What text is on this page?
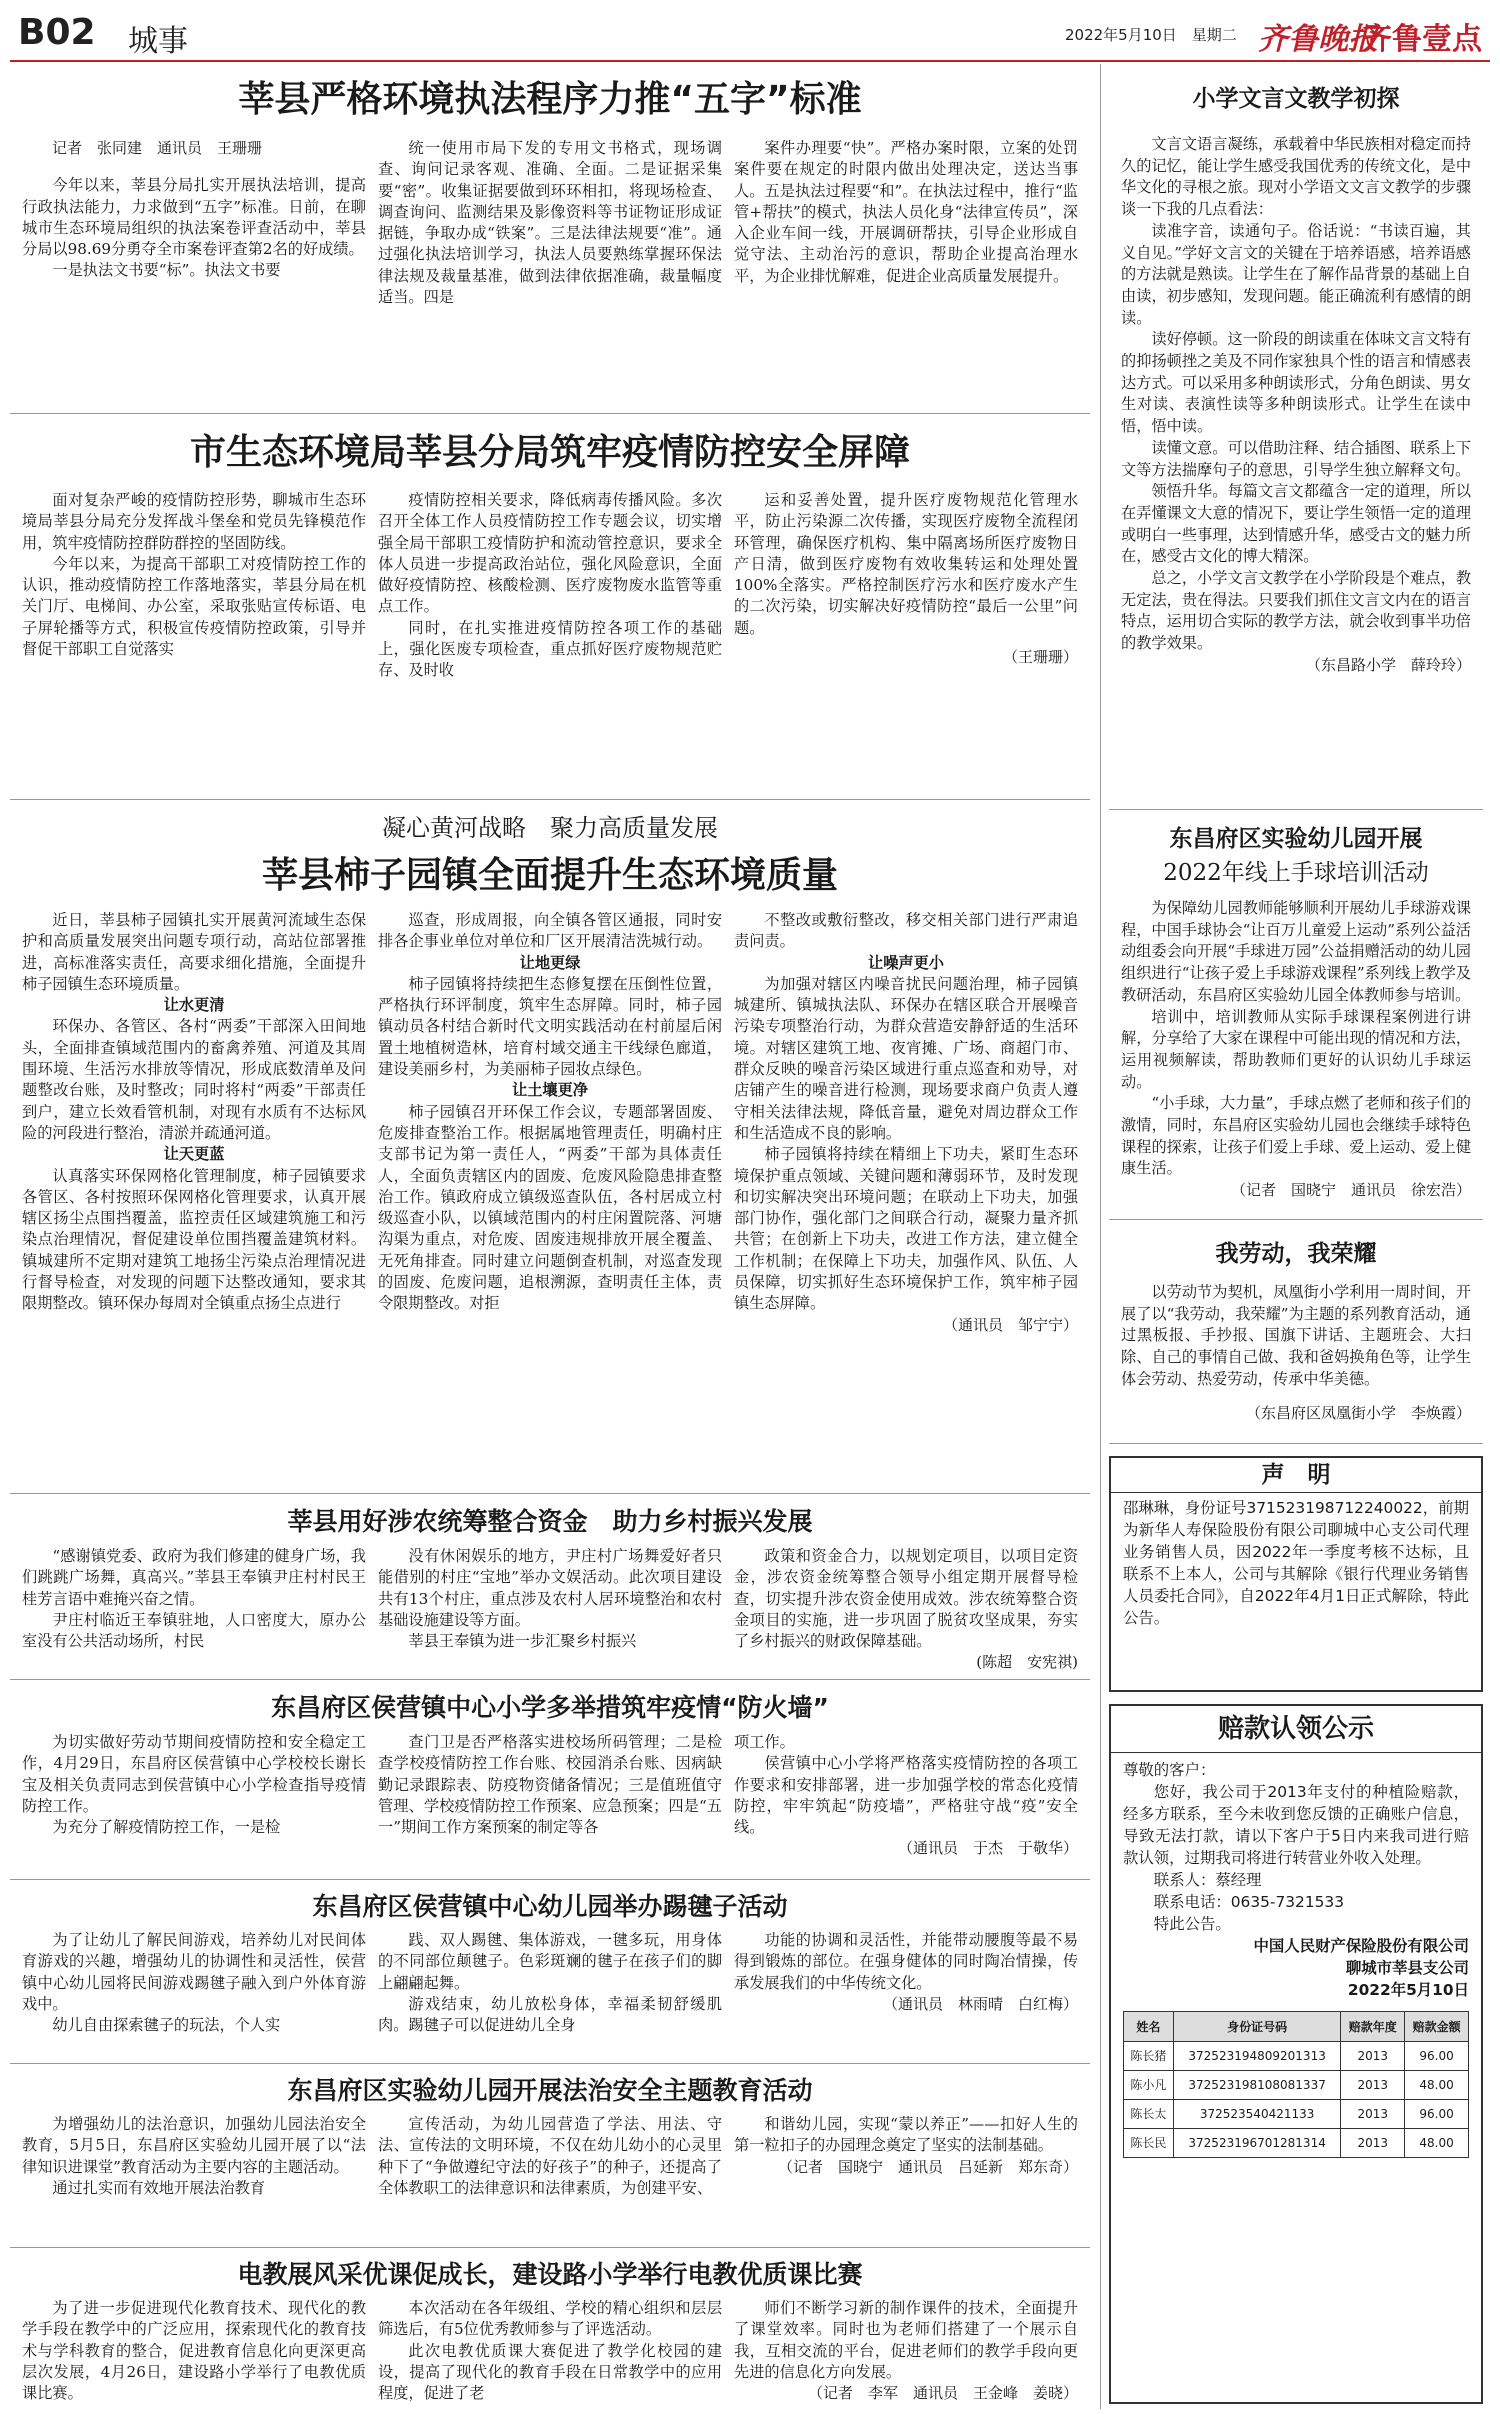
B02 城事	2022年5月10日　星期二 齐鲁晚报
齐鲁壹点
莘县严格环境执法程序力推“五字”标准

记者　张同建　通讯员　王珊珊

今年以来，莘县分局扎实开展执法培训，提高行政执法能力，力求做到“五字”标准。日前，在聊城市生态环境局组织的执法案卷评查活动中，莘县分局以98.69分勇夺全市案卷评查第2名的好成绩。

一是执法文书要“标”。执法文书要

统一使用市局下发的专用文书格式，现场调查、询问记录客观、准确、全面。二是证据采集要“密”。收集证据要做到环环相扣，将现场检查、调查询问、监测结果及影像资料等书证物证形成证据链，争取办成“铁案”。三是法律法规要“准”。通过强化执法培训学习，执法人员要熟练掌握环保法律法规及裁量基准，做到法律依据准确，裁量幅度适当。四是

案件办理要“快”。严格办案时限，立案的处罚案件要在规定的时限内做出处理决定，送达当事人。五是执法过程要“和”。在执法过程中，推行“监管+帮扶”的模式，执法人员化身“法律宣传员”，深入企业车间一线，开展调研帮扶，引导企业形成自觉守法、主动治污的意识，帮助企业提高治理水平，为企业排忧解难，促进企业高质量发展提升。

市生态环境局莘县分局筑牢疫情防控安全屏障

面对复杂严峻的疫情防控形势，聊城市生态环境局莘县分局充分发挥战斗堡垒和党员先锋模范作用，筑牢疫情防控群防群控的坚固防线。

今年以来，为提高干部职工对疫情防控工作的认识，推动疫情防控工作落地落实，莘县分局在机关门厅、电梯间、办公室，采取张贴宣传标语、电子屏轮播等方式，积极宣传疫情防控政策，引导并督促干部职工自觉落实

疫情防控相关要求，降低病毒传播风险。多次召开全体工作人员疫情防控工作专题会议，切实增强全局干部职工疫情防护和流动管控意识，要求全体人员进一步提高政治站位，强化风险意识，全面做好疫情防控、核酸检测、医疗废物废水监管等重点工作。

同时，在扎实推进疫情防控各项工作的基础上，强化医废专项检查，重点抓好医疗废物规范贮存、及时收

运和妥善处置，提升医疗废物规范化管理水平，防止污染源二次传播，实现医疗废物全流程闭环管理，确保医疗机构、集中隔离场所医疗废物日产日清，做到医疗废物有效收集转运和处理处置100%全落实。严格控制医疗污水和医疗废水产生的二次污染，切实解决好疫情防控“最后一公里”问题。

（王珊珊）

凝心黄河战略　聚力高质量发展
莘县柿子园镇全面提升生态环境质量

近日，莘县柿子园镇扎实开展黄河流域生态保护和高质量发展突出问题专项行动，高站位部署推进，高标准落实责任，高要求细化措施，全面提升柿子园镇生态环境质量。

让水更清

环保办、各管区、各村“两委”干部深入田间地头，全面排查镇域范围内的畜禽养殖、河道及其周围环境、生活污水排放等情况，形成底数清单及问题整改台账，及时整改；同时将村“两委”干部责任到户，建立长效看管机制，对现有水质有不达标风险的河段进行整治，清淤并疏通河道。

让天更蓝

认真落实环保网格化管理制度，柿子园镇要求各管区、各村按照环保网格化管理要求，认真开展辖区扬尘点围挡覆盖，监控责任区域建筑施工和污染点治理情况，督促建设单位围挡覆盖建筑材料。镇城建所不定期对建筑工地扬尘污染点治理情况进行督导检查，对发现的问题下达整改通知，要求其限期整改。镇环保办每周对全镇重点扬尘点进行

巡查，形成周报，向全镇各管区通报，同时安排各企事业单位对单位和厂区开展清洁洗城行动。

让地更绿

柿子园镇将持续把生态修复摆在压倒性位置，严格执行环评制度，筑牢生态屏障。同时，柿子园镇动员各村结合新时代文明实践活动在村前屋后闲置土地植树造林，培育村域交通主干线绿色廊道，建设美丽乡村，为美丽柿子园妆点绿色。

让土壤更净

柿子园镇召开环保工作会议，专题部署固废、危废排查整治工作。根据属地管理责任，明确村庄支部书记为第一责任人，“两委”干部为具体责任人，全面负责辖区内的固废、危废风险隐患排查整治工作。镇政府成立镇级巡查队伍，各村居成立村级巡查小队，以镇域范围内的村庄闲置院落、河塘沟渠为重点，对危废、固废违规排放开展全覆盖、无死角排查。同时建立问题倒查机制，对巡查发现的固废、危废问题，追根溯源，查明责任主体，责令限期整改。对拒

不整改或敷衍整改，移交相关部门进行严肃追责问责。

让噪声更小

为加强对辖区内噪音扰民问题治理，柿子园镇城建所、镇城执法队、环保办在辖区联合开展噪音污染专项整治行动，为群众营造安静舒适的生活环境。对辖区建筑工地、夜宵摊、广场、商超门市、群众反映的噪音污染区域进行重点巡查和劝导，对店铺产生的噪音进行检测，现场要求商户负责人遵守相关法律法规，降低音量，避免对周边群众工作和生活造成不良的影响。

柿子园镇将持续在精细上下功夫，紧盯生态环境保护重点领域、关键问题和薄弱环节，及时发现和切实解决突出环境问题；在联动上下功夫，加强部门协作，强化部门之间联合行动，凝聚力量齐抓共管；在创新上下功夫，改进工作方法，建立健全工作机制；在保障上下功夫，加强作风、队伍、人员保障，切实抓好生态环境保护工作，筑牢柿子园镇生态屏障。

（通讯员　邹宁宁）

莘县用好涉农统筹整合资金　助力乡村振兴发展

“感谢镇党委、政府为我们修建的健身广场，我们跳跳广场舞，真高兴。”莘县王奉镇尹庄村村民王桂芳言语中难掩兴奋之情。

尹庄村临近王奉镇驻地，人口密度大，原办公室没有公共活动场所，村民

没有休闲娱乐的地方，尹庄村广场舞爱好者只能借别的村庄“宝地”举办文娱活动。此次项目建设共有13个村庄，重点涉及农村人居环境整治和农村基础设施建设等方面。

莘县王奉镇为进一步汇聚乡村振兴

政策和资金合力，以规划定项目，以项目定资金，涉农资金统筹整合领导小组定期开展督导检查，切实提升涉农资金使用成效。涉农统筹整合资金项目的实施，进一步巩固了脱贫攻坚成果，夯实了乡村振兴的财政保障基础。

(陈超　安宪祺)

东昌府区侯营镇中心小学多举措筑牢疫情“防火墙”

为切实做好劳动节期间疫情防控和安全稳定工作，4月29日，东昌府区侯营镇中心学校校长谢长宝及相关负责同志到侯营镇中心小学检查指导疫情防控工作。

为充分了解疫情防控工作，一是检

查门卫是否严格落实进校场所码管理；二是检查学校疫情防控工作台账、校园消杀台账、因病缺勤记录跟踪表、防疫物资储备情况；三是值班值守管理、学校疫情防控工作预案、应急预案；四是“五一”期间工作方案预案的制定等各

项工作。

侯营镇中心小学将严格落实疫情防控的各项工作要求和安排部署，进一步加强学校的常态化疫情防控，牢牢筑起“防疫墙”，严格驻守战“疫”安全线。

（通讯员　于杰　于敬华）

东昌府区侯营镇中心幼儿园举办踢毽子活动

为了让幼儿了解民间游戏，培养幼儿对民间体育游戏的兴趣，增强幼儿的协调性和灵活性，侯营镇中心幼儿园将民间游戏踢毽子融入到户外体育游戏中。

幼儿自由探索毽子的玩法，个人实

践、双人踢毽、集体游戏，一毽多玩，用身体的不同部位颠毽子。色彩斑斓的毽子在孩子们的脚上翩翩起舞。

游戏结束，幼儿放松身体，幸福柔韧舒缓肌肉。踢毽子可以促进幼儿全身

功能的协调和灵活性，并能带动腰腹等最不易得到锻炼的部位。在强身健体的同时陶冶情操，传承发展我们的中华传统文化。

（通讯员　林雨晴　白红梅）

东昌府区实验幼儿园开展法治安全主题教育活动

为增强幼儿的法治意识，加强幼儿园法治安全教育，5月5日，东昌府区实验幼儿园开展了以“法律知识进课堂”教育活动为主要内容的主题活动。

通过扎实而有效地开展法治教育

宣传活动，为幼儿园营造了学法、用法、守法、宣传法的文明环境，不仅在幼儿幼小的心灵里种下了“争做遵纪守法的好孩子”的种子，还提高了全体教职工的法律意识和法律素质，为创建平安、

和谐幼儿园，实现“蒙以养正”——扣好人生的第一粒扣子的办园理念奠定了坚实的法制基础。

（记者　国晓宁　通讯员　吕延新　郑东奇）

电教展风采优课促成长，建设路小学举行电教优质课比赛

为了进一步促进现代化教育技术、现代化的教学手段在教学中的广泛应用，探索现代化的教育技术与学科教育的整合，促进教育信息化向更深更高层次发展，4月26日，建设路小学举行了电教优质课比赛。

本次活动在各年级组、学校的精心组织和层层筛选后，有5位优秀教师参与了评选活动。

此次电教优质课大赛促进了教学化校园的建设，提高了现代化的教育手段在日常教学中的应用程度，促进了老

师们不断学习新的制作课件的技术，全面提升了课堂效率。同时也为老师们搭建了一个展示自我，互相交流的平台，促进老师们的教学手段向更先进的信息化方向发展。

（记者　李军　通讯员　王金峰　姜晓）

小学文言文教学初探

文言文语言凝练，承载着中华民族相对稳定而持久的记忆，能让学生感受我国优秀的传统文化，是中华文化的寻根之旅。现对小学语文文言文教学的步骤谈一下我的几点看法：

读准字音，读通句子。俗话说：“书读百遍，其义自见。”学好文言文的关键在于培养语感，培养语感的方法就是熟读。让学生在了解作品背景的基础上自由读，初步感知，发现问题。能正确流利有感情的朗读。

读好停顿。这一阶段的朗读重在体味文言文特有的抑扬顿挫之美及不同作家独具个性的语言和情感表达方式。可以采用多种朗读形式，分角色朗读、男女生对读、表演性读等多种朗读形式。让学生在读中悟，悟中读。

读懂文意。可以借助注释、结合插图、联系上下文等方法揣摩句子的意思，引导学生独立解释文句。

领悟升华。每篇文言文都蕴含一定的道理，所以在弄懂课文大意的情况下，要让学生领悟一定的道理或明白一些事理，达到情感升华，感受古文的魅力所在，感受古文化的博大精深。

总之，小学文言文教学在小学阶段是个难点，教无定法，贵在得法。只要我们抓住文言文内在的语言特点，运用切合实际的教学方法，就会收到事半功倍的教学效果。

（东昌路小学　薛玲玲）

东昌府区实验幼儿园开展
2022年线上手球培训活动

为保障幼儿园教师能够顺利开展幼儿手球游戏课程，中国手球协会“让百万儿童爱上运动”系列公益活动组委会向开展“手球进万园”公益捐赠活动的幼儿园组织进行“让孩子爱上手球游戏课程”系列线上教学及教研活动，东昌府区实验幼儿园全体教师参与培训。

培训中，培训教师从实际手球课程案例进行讲解，分享给了大家在课程中可能出现的情况和方法，运用视频解读，帮助教师们更好的认识幼儿手球运动。

“小手球，大力量”，手球点燃了老师和孩子们的激情，同时，东昌府区实验幼儿园也会继续手球特色课程的探索，让孩子们爱上手球、爱上运动、爱上健康生活。

（记者　国晓宁　通讯员　徐宏浩）

我劳动，我荣耀

以劳动节为契机，凤凰街小学利用一周时间，开展了以“我劳动，我荣耀”为主题的系列教育活动，通过黑板报、手抄报、国旗下讲话、主题班会、大扫除、自己的事情自己做、我和爸妈换角色等，让学生体会劳动、热爱劳动，传承中华美德。

（东昌府区凤凰街小学　李焕霞）

声　明
邵琳琳，身份证号371523198712240022，前期为新华人寿保险股份有限公司聊城中心支公司代理业务销售人员，因2022年一季度考核不达标，且联系不上本人，公司与其解除《银行代理业务销售人员委托合同》，自2022年4月1日正式解除，特此公告。
赔款认领公示
尊敬的客户：
您好，我公司于2013年支付的种植险赔款，经多方联系，至今未收到您反馈的正确账户信息，导致无法打款，请以下客户于5日内来我司进行赔款认领，过期我司将进行转营业外收入处理。
联系人：蔡经理
联系电话：0635-7321533
特此公告。
中国人民财产保险股份有限公司
聊城市莘县支公司
2022年5月10日
姓名	身份证号码	赔款年度	赔款金额
陈长猪	372523194809201313	2013	96.00
陈小凡	372523198108081337	2013	48.00
陈长太	372523540421133	2013	96.00
陈长民	372523196701281314	2013	48.00
